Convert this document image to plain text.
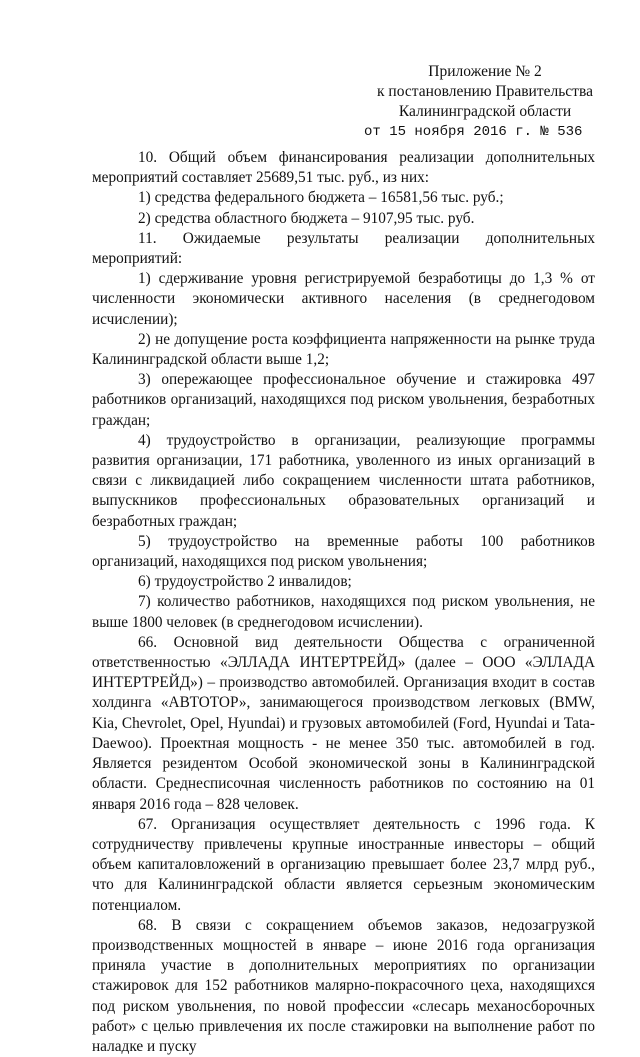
Приложение № 2
к постановлению Правительства
Калининградской области
от 15 ноября 2016 г. № 536

10. Общий объем финансирования реализации дополнительных мероприятий составляет 25689,51 тыс. руб., из них:

1) средства федерального бюджета – 16581,56 тыс. руб.;

2) средства областного бюджета – 9107,95 тыс. руб.

11. Ожидаемые результаты реализации дополнительных мероприятий:

1) сдерживание уровня регистрируемой безработицы до 1,3 % от численности экономически активного населения (в среднегодовом исчислении);

2) не допущение роста коэффициента напряженности на рынке труда Калининградской области выше 1,2;

3) опережающее профессиональное обучение и стажировка 497 работников организаций, находящихся под риском увольнения, безработных граждан;

4) трудоустройство в организации, реализующие программы развития организации, 171 работника, уволенного из иных организаций в связи с ликвидацией либо сокращением численности штата работников, выпускников профессиональных образовательных организаций и безработных граждан;

5) трудоустройство на временные работы 100 работников организаций, находящихся под риском увольнения;

6) трудоустройство 2 инвалидов;

7) количество работников, находящихся под риском увольнения, не выше 1800 человек (в среднегодовом исчислении).

66. Основной вид деятельности Общества с ограниченной ответственностью «ЭЛЛАДА ИНТЕРТРЕЙД» (далее – ООО «ЭЛЛАДА ИНТЕРТРЕЙД») – производство автомобилей. Организация входит в состав холдинга «АВТОТОР», занимающегося производством легковых (BMW, Kia, Chevrolet, Opel, Hyundai) и грузовых автомобилей (Ford, Hyundai и Tata-Daewoo). Проектная мощность - не менее 350 тыс. автомобилей в год. Является резидентом Особой экономической зоны в Калининградской области. Среднесписочная численность работников по состоянию на 01 января 2016 года – 828 человек.

67. Организация осуществляет деятельность с 1996 года. К сотрудничеству привлечены крупные иностранные инвесторы – общий объем капиталовложений в организацию превышает более 23,7 млрд руб., что для Калининградской области является серьезным экономическим потенциалом.

68. В связи с сокращением объемов заказов, недозагрузкой производственных мощностей в январе – июне 2016 года организация приняла участие в дополнительных мероприятиях по организации стажировок для 152 работников малярно-покрасочного цеха, находящихся под риском увольнения, по новой профессии «слесарь механосборочных работ» с целью привлечения их после стажировки на выполнение работ по наладке и пуску
